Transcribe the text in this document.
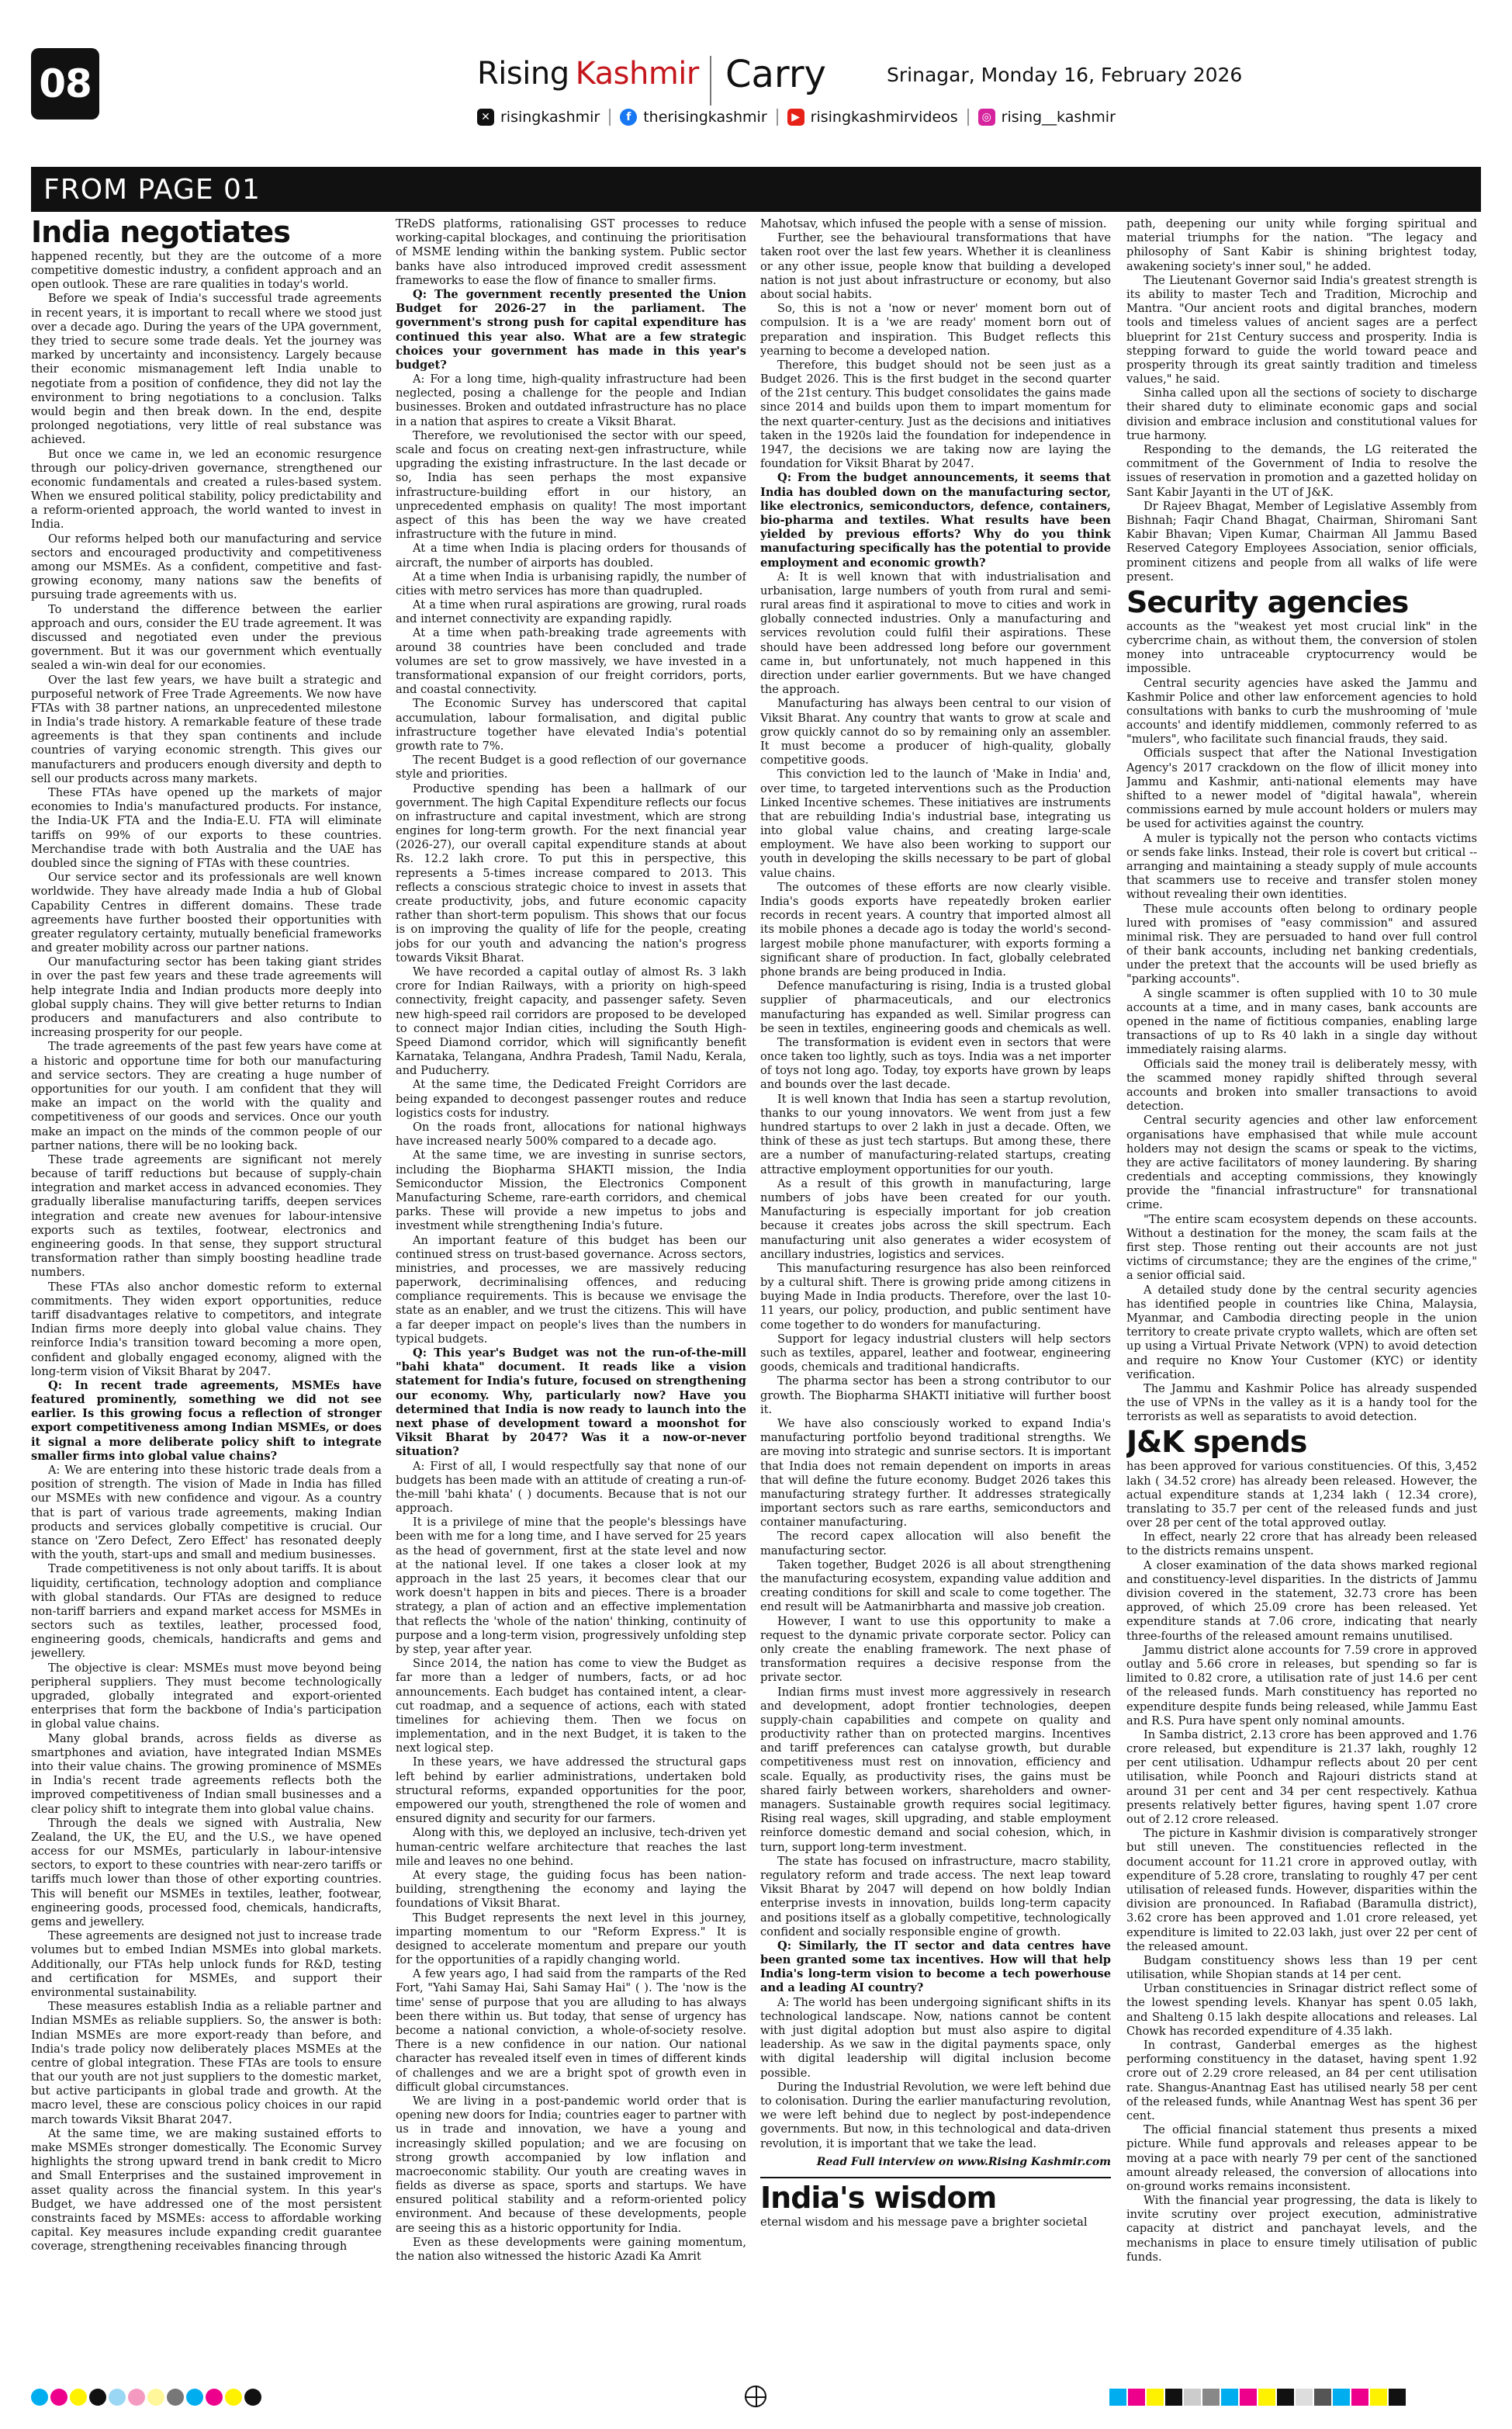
08	Rising Kashmir Carry	Srinagar, Monday 16, February 2026
✕ risingkashmir	f therisingkashmir	▶ risingkashmirvideos	◎ rising__kashmir
FROM PAGE 01
India negotiates

happened recently, but they are the outcome of a more competitive domestic industry, a confident approach and an open outlook. These are rare qualities in today's world.

Before we speak of India's successful trade agreements in recent years, it is important to recall where we stood just over a decade ago. During the years of the UPA government, they tried to secure some trade deals. Yet the journey was marked by uncertainty and inconsistency. Largely because their economic mismanagement left India unable to negotiate from a position of confidence, they did not lay the environment to bring negotiations to a conclusion. Talks would begin and then break down. In the end, despite prolonged negotiations, very little of real substance was achieved.

But once we came in, we led an economic resurgence through our policy-driven governance, strengthened our economic fundamentals and created a rules-based system. When we ensured political stability, policy predictability and a reform-oriented approach, the world wanted to invest in India.

Our reforms helped both our manufacturing and service sectors and encouraged productivity and competitiveness among our MSMEs. As a confident, competitive and fast-growing economy, many nations saw the benefits of pursuing trade agreements with us.

To understand the difference between the earlier approach and ours, consider the EU trade agreement. It was discussed and negotiated even under the previous government. But it was our government which eventually sealed a win-win deal for our economies.

Over the last few years, we have built a strategic and purposeful network of Free Trade Agreements. We now have FTAs with 38 partner nations, an unprecedented milestone in India's trade history. A remarkable feature of these trade agreements is that they span continents and include countries of varying economic strength. This gives our manufacturers and producers enough diversity and depth to sell our products across many markets.

These FTAs have opened up the markets of major economies to India's manufactured products. For instance, the India-UK FTA and the India-E.U. FTA will eliminate tariffs on 99% of our exports to these countries. Merchandise trade with both Australia and the UAE has doubled since the signing of FTAs with these countries.

Our service sector and its professionals are well known worldwide. They have already made India a hub of Global Capability Centres in different domains. These trade agreements have further boosted their opportunities with greater regulatory certainty, mutually beneficial frameworks and greater mobility across our partner nations.

Our manufacturing sector has been taking giant strides in over the past few years and these trade agreements will help integrate India and Indian products more deeply into global supply chains. They will give better returns to Indian producers and manufacturers and also contribute to increasing prosperity for our people.

The trade agreements of the past few years have come at a historic and opportune time for both our manufacturing and service sectors. They are creating a huge number of opportunities for our youth. I am confident that they will make an impact on the world with the quality and competitiveness of our goods and services. Once our youth make an impact on the minds of the common people of our partner nations, there will be no looking back.

These trade agreements are significant not merely because of tariff reductions but because of supply-chain integration and market access in advanced economies. They gradually liberalise manufacturing tariffs, deepen services integration and create new avenues for labour-intensive exports such as textiles, footwear, electronics and engineering goods. In that sense, they support structural transformation rather than simply boosting headline trade numbers.

These FTAs also anchor domestic reform to external commitments. They widen export opportunities, reduce tariff disadvantages relative to competitors, and integrate Indian firms more deeply into global value chains. They reinforce India's transition toward becoming a more open, confident and globally engaged economy, aligned with the long-term vision of Viksit Bharat by 2047.

Q: In recent trade agreements, MSMEs have featured prominently, something we did not see earlier. Is this growing focus a reflection of stronger export competitiveness among Indian MSMEs, or does it signal a more deliberate policy shift to integrate smaller firms into global value chains?

A: We are entering into these historic trade deals from a position of strength. The vision of Made in India has filled our MSMEs with new confidence and vigour. As a country that is part of various trade agreements, making Indian products and services globally competitive is crucial. Our stance on 'Zero Defect, Zero Effect' has resonated deeply with the youth, start-ups and small and medium businesses.

Trade competitiveness is not only about tariffs. It is about liquidity, certification, technology adoption and compliance with global standards. Our FTAs are designed to reduce non-tariff barriers and expand market access for MSMEs in sectors such as textiles, leather, processed food, engineering goods, chemicals, handicrafts and gems and jewellery.

The objective is clear: MSMEs must move beyond being peripheral suppliers. They must become technologically upgraded, globally integrated and export-oriented enterprises that form the backbone of India's participation in global value chains.

Many global brands, across fields as diverse as smartphones and aviation, have integrated Indian MSMEs into their value chains. The growing prominence of MSMEs in India's recent trade agreements reflects both the improved competitiveness of Indian small businesses and a clear policy shift to integrate them into global value chains.

Through the deals we signed with Australia, New Zealand, the UK, the EU, and the U.S., we have opened access for our MSMEs, particularly in labour-intensive sectors, to export to these countries with near-zero tariffs or tariffs much lower than those of other exporting countries. This will benefit our MSMEs in textiles, leather, footwear, engineering goods, processed food, chemicals, handicrafts, gems and jewellery.

These agreements are designed not just to increase trade volumes but to embed Indian MSMEs into global markets. Additionally, our FTAs help unlock funds for R&D, testing and certification for MSMEs, and support their environmental sustainability.

These measures establish India as a reliable partner and Indian MSMEs as reliable suppliers. So, the answer is both: Indian MSMEs are more export-ready than before, and India's trade policy now deliberately places MSMEs at the centre of global integration. These FTAs are tools to ensure that our youth are not just suppliers to the domestic market, but active participants in global trade and growth. At the macro level, these are conscious policy choices in our rapid march towards Viksit Bharat 2047.

At the same time, we are making sustained efforts to make MSMEs stronger domestically. The Economic Survey highlights the strong upward trend in bank credit to Micro and Small Enterprises and the sustained improvement in asset quality across the financial system. In this year's Budget, we have addressed one of the most persistent constraints faced by MSMEs: access to affordable working capital. Key measures include expanding credit guarantee coverage, strengthening receivables financing through

TReDS platforms, rationalising GST processes to reduce working-capital blockages, and continuing the prioritisation of MSME lending within the banking system. Public sector banks have also introduced improved credit assessment frameworks to ease the flow of finance to smaller firms.

Q: The government recently presented the Union Budget for 2026-27 in the parliament. The government's strong push for capital expenditure has continued this year also. What are a few strategic choices your government has made in this year's budget?

A: For a long time, high-quality infrastructure had been neglected, posing a challenge for the people and Indian businesses. Broken and outdated infrastructure has no place in a nation that aspires to create a Viksit Bharat.

Therefore, we revolutionised the sector with our speed, scale and focus on creating next-gen infrastructure, while upgrading the existing infrastructure. In the last decade or so, India has seen perhaps the most expansive infrastructure-building effort in our history, an unprecedented emphasis on quality! The most important aspect of this has been the way we have created infrastructure with the future in mind.

At a time when India is placing orders for thousands of aircraft, the number of airports has doubled.

At a time when India is urbanising rapidly, the number of cities with metro services has more than quadrupled.

At a time when rural aspirations are growing, rural roads and internet connectivity are expanding rapidly.

At a time when path-breaking trade agreements with around 38 countries have been concluded and trade volumes are set to grow massively, we have invested in a transformational expansion of our freight corridors, ports, and coastal connectivity.

The Economic Survey has underscored that capital accumulation, labour formalisation, and digital public infrastructure together have elevated India's potential growth rate to 7%.

The recent Budget is a good reflection of our governance style and priorities.

Productive spending has been a hallmark of our government. The high Capital Expenditure reflects our focus on infrastructure and capital investment, which are strong engines for long-term growth. For the next financial year (2026-27), our overall capital expenditure stands at about Rs. 12.2 lakh crore. To put this in perspective, this represents a 5-times increase compared to 2013. This reflects a conscious strategic choice to invest in assets that create productivity, jobs, and future economic capacity rather than short-term populism. This shows that our focus is on improving the quality of life for the people, creating jobs for our youth and advancing the nation's progress towards Viksit Bharat.

We have recorded a capital outlay of almost Rs. 3 lakh crore for Indian Railways, with a priority on high-speed connectivity, freight capacity, and passenger safety. Seven new high-speed rail corridors are proposed to be developed to connect major Indian cities, including the South High-Speed Diamond corridor, which will significantly benefit Karnataka, Telangana, Andhra Pradesh, Tamil Nadu, Kerala, and Puducherry.

At the same time, the Dedicated Freight Corridors are being expanded to decongest passenger routes and reduce logistics costs for industry.

On the roads front, allocations for national highways have increased nearly 500% compared to a decade ago.

At the same time, we are investing in sunrise sectors, including the Biopharma SHAKTI mission, the India Semiconductor Mission, the Electronics Component Manufacturing Scheme, rare-earth corridors, and chemical parks. These will provide a new impetus to jobs and investment while strengthening India's future.

An important feature of this budget has been our continued stress on trust-based governance. Across sectors, ministries, and processes, we are massively reducing paperwork, decriminalising offences, and reducing compliance requirements. This is because we envisage the state as an enabler, and we trust the citizens. This will have a far deeper impact on people's lives than the numbers in typical budgets.

Q: This year's Budget was not the run-of-the-mill "bahi khata" document. It reads like a vision statement for India's future, focused on strengthening our economy. Why, particularly now? Have you determined that India is now ready to launch into the next phase of development toward a moonshot for Viksit Bharat by 2047? Was it a now-or-never situation?

A: First of all, I would respectfully say that none of our budgets has been made with an attitude of creating a run-of-the-mill 'bahi khata' ( ) documents. Because that is not our approach.

It is a privilege of mine that the people's blessings have been with me for a long time, and I have served for 25 years as the head of government, first at the state level and now at the national level. If one takes a closer look at my approach in the last 25 years, it becomes clear that our work doesn't happen in bits and pieces. There is a broader strategy, a plan of action and an effective implementation that reflects the 'whole of the nation' thinking, continuity of purpose and a long-term vision, progressively unfolding step by step, year after year.

Since 2014, the nation has come to view the Budget as far more than a ledger of numbers, facts, or ad hoc announcements. Each budget has contained intent, a clear-cut roadmap, and a sequence of actions, each with stated timelines for achieving them. Then we focus on implementation, and in the next Budget, it is taken to the next logical step.

In these years, we have addressed the structural gaps left behind by earlier administrations, undertaken bold structural reforms, expanded opportunities for the poor, empowered our youth, strengthened the role of women and ensured dignity and security for our farmers.

Along with this, we deployed an inclusive, tech-driven yet human-centric welfare architecture that reaches the last mile and leaves no one behind.

At every stage, the guiding focus has been nation-building, strengthening the economy and laying the foundations of Viksit Bharat.

This Budget represents the next level in this journey, imparting momentum to our "Reform Express." It is designed to accelerate momentum and prepare our youth for the opportunities of a rapidly changing world.

A few years ago, I had said from the ramparts of the Red Fort, "Yahi Samay Hai, Sahi Samay Hai" ( ). The 'now is the time' sense of purpose that you are alluding to has always been there within us. But today, that sense of urgency has become a national conviction, a whole-of-society resolve. There is a new confidence in our nation. Our national character has revealed itself even in times of different kinds of challenges and we are a bright spot of growth even in difficult global circumstances.

We are living in a post-pandemic world order that is opening new doors for India; countries eager to partner with us in trade and innovation, we have a young and increasingly skilled population; and we are focusing on strong growth accompanied by low inflation and macroeconomic stability. Our youth are creating waves in fields as diverse as space, sports and startups. We have ensured political stability and a reform-oriented policy environment. And because of these developments, people are seeing this as a historic opportunity for India.

Even as these developments were gaining momentum, the nation also witnessed the historic Azadi Ka Amrit

Mahotsav, which infused the people with a sense of mission.

Further, see the behavioural transformations that have taken root over the last few years. Whether it is cleanliness or any other issue, people know that building a developed nation is not just about infrastructure or economy, but also about social habits.

So, this is not a 'now or never' moment born out of compulsion. It is a 'we are ready' moment born out of preparation and inspiration. This Budget reflects this yearning to become a developed nation.

Therefore, this budget should not be seen just as a Budget 2026. This is the first budget in the second quarter of the 21st century. This budget consolidates the gains made since 2014 and builds upon them to impart momentum for the next quarter-century. Just as the decisions and initiatives taken in the 1920s laid the foundation for independence in 1947, the decisions we are taking now are laying the foundation for Viksit Bharat by 2047.

Q: From the budget announcements, it seems that India has doubled down on the manufacturing sector, like electronics, semiconductors, defence, containers, bio-pharma and textiles. What results have been yielded by previous efforts? Why do you think manufacturing specifically has the potential to provide employment and economic growth?

A: It is well known that with industrialisation and urbanisation, large numbers of youth from rural and semi-rural areas find it aspirational to move to cities and work in globally connected industries. Only a manufacturing and services revolution could fulfil their aspirations. These should have been addressed long before our government came in, but unfortunately, not much happened in this direction under earlier governments. But we have changed the approach.

Manufacturing has always been central to our vision of Viksit Bharat. Any country that wants to grow at scale and grow quickly cannot do so by remaining only an assembler. It must become a producer of high-quality, globally competitive goods.

This conviction led to the launch of 'Make in India' and, over time, to targeted interventions such as the Production Linked Incentive schemes. These initiatives are instruments that are rebuilding India's industrial base, integrating us into global value chains, and creating large-scale employment. We have also been working to support our youth in developing the skills necessary to be part of global value chains.

The outcomes of these efforts are now clearly visible. India's goods exports have repeatedly broken earlier records in recent years. A country that imported almost all its mobile phones a decade ago is today the world's second-largest mobile phone manufacturer, with exports forming a significant share of production. In fact, globally celebrated phone brands are being produced in India.

Defence manufacturing is rising, India is a trusted global supplier of pharmaceuticals, and our electronics manufacturing has expanded as well. Similar progress can be seen in textiles, engineering goods and chemicals as well.

The transformation is evident even in sectors that were once taken too lightly, such as toys. India was a net importer of toys not long ago. Today, toy exports have grown by leaps and bounds over the last decade.

It is well known that India has seen a startup revolution, thanks to our young innovators. We went from just a few hundred startups to over 2 lakh in just a decade. Often, we think of these as just tech startups. But among these, there are a number of manufacturing-related startups, creating attractive employment opportunities for our youth.

As a result of this growth in manufacturing, large numbers of jobs have been created for our youth. Manufacturing is especially important for job creation because it creates jobs across the skill spectrum. Each manufacturing unit also generates a wider ecosystem of ancillary industries, logistics and services.

This manufacturing resurgence has also been reinforced by a cultural shift. There is growing pride among citizens in buying Made in India products. Therefore, over the last 10-11 years, our policy, production, and public sentiment have come together to do wonders for manufacturing.

Support for legacy industrial clusters will help sectors such as textiles, apparel, leather and footwear, engineering goods, chemicals and traditional handicrafts.

The pharma sector has been a strong contributor to our growth. The Biopharma SHAKTI initiative will further boost it.

We have also consciously worked to expand India's manufacturing portfolio beyond traditional strengths. We are moving into strategic and sunrise sectors. It is important that India does not remain dependent on imports in areas that will define the future economy. Budget 2026 takes this manufacturing strategy further. It addresses strategically important sectors such as rare earths, semiconductors and container manufacturing.

The record capex allocation will also benefit the manufacturing sector.

Taken together, Budget 2026 is all about strengthening the manufacturing ecosystem, expanding value addition and creating conditions for skill and scale to come together. The end result will be Aatmanirbharta and massive job creation.

However, I want to use this opportunity to make a request to the dynamic private corporate sector. Policy can only create the enabling framework. The next phase of transformation requires a decisive response from the private sector.

Indian firms must invest more aggressively in research and development, adopt frontier technologies, deepen supply-chain capabilities and compete on quality and productivity rather than on protected margins. Incentives and tariff preferences can catalyse growth, but durable competitiveness must rest on innovation, efficiency and scale. Equally, as productivity rises, the gains must be shared fairly between workers, shareholders and owner-managers. Sustainable growth requires social legitimacy. Rising real wages, skill upgrading, and stable employment reinforce domestic demand and social cohesion, which, in turn, support long-term investment.

The state has focused on infrastructure, macro stability, regulatory reform and trade access. The next leap toward Viksit Bharat by 2047 will depend on how boldly Indian enterprise invests in innovation, builds long-term capacity and positions itself as a globally competitive, technologically confident and socially responsible engine of growth.

Q: Similarly, the IT sector and data centres have been granted some tax incentives. How will that help India's long-term vision to become a tech powerhouse and a leading AI country?

A: The world has been undergoing significant shifts in its technological landscape. Now, nations cannot be content with just digital adoption but must also aspire to digital leadership. As we saw in the digital payments space, only with digital leadership will digital inclusion become possible.

During the Industrial Revolution, we were left behind due to colonisation. During the earlier manufacturing revolution, we were left behind due to neglect by post-independence governments. But now, in this technological and data-driven revolution, it is important that we take the lead.

Read Full interview on www.Rising Kashmir.com
India's wisdom

eternal wisdom and his message pave a brighter societal

path, deepening our unity while forging spiritual and material triumphs for the nation. "The legacy and philosophy of Sant Kabir is shining brightest today, awakening society's inner soul," he added.

The Lieutenant Governor said India's greatest strength is its ability to master Tech and Tradition, Microchip and Mantra. "Our ancient roots and digital branches, modern tools and timeless values of ancient sages are a perfect blueprint for 21st Century success and prosperity. India is stepping forward to guide the world toward peace and prosperity through its great saintly tradition and timeless values," he said.

Sinha called upon all the sections of society to discharge their shared duty to eliminate economic gaps and social division and embrace inclusion and constitutional values for true harmony.

Responding to the demands, the LG reiterated the commitment of the Government of India to resolve the issues of reservation in promotion and a gazetted holiday on Sant Kabir Jayanti in the UT of J&K.

Dr Rajeev Bhagat, Member of Legislative Assembly from Bishnah; Faqir Chand Bhagat, Chairman, Shiromani Sant Kabir Bhavan; Vipen Kumar, Chairman All Jammu Based Reserved Category Employees Association, senior officials, prominent citizens and people from all walks of life were present.

Security agencies

accounts as the "weakest yet most crucial link" in the cybercrime chain, as without them, the conversion of stolen money into untraceable cryptocurrency would be impossible.

Central security agencies have asked the Jammu and Kashmir Police and other law enforcement agencies to hold consultations with banks to curb the mushrooming of 'mule accounts' and identify middlemen, commonly referred to as "mulers", who facilitate such financial frauds, they said.

Officials suspect that after the National Investigation Agency's 2017 crackdown on the flow of illicit money into Jammu and Kashmir, anti-national elements may have shifted to a newer model of "digital hawala", wherein commissions earned by mule account holders or mulers may be used for activities against the country.

A muler is typically not the person who contacts victims or sends fake links. Instead, their role is covert but critical -- arranging and maintaining a steady supply of mule accounts that scammers use to receive and transfer stolen money without revealing their own identities.

These mule accounts often belong to ordinary people lured with promises of "easy commission" and assured minimal risk. They are persuaded to hand over full control of their bank accounts, including net banking credentials, under the pretext that the accounts will be used briefly as "parking accounts".

A single scammer is often supplied with 10 to 30 mule accounts at a time, and in many cases, bank accounts are opened in the name of fictitious companies, enabling large transactions of up to Rs 40 lakh in a single day without immediately raising alarms.

Officials said the money trail is deliberately messy, with the scammed money rapidly shifted through several accounts and broken into smaller transactions to avoid detection.

Central security agencies and other law enforcement organisations have emphasised that while mule account holders may not design the scams or speak to the victims, they are active facilitators of money laundering. By sharing credentials and accepting commissions, they knowingly provide the "financial infrastructure" for transnational crime.

"The entire scam ecosystem depends on these accounts. Without a destination for the money, the scam fails at the first step. Those renting out their accounts are not just victims of circumstance; they are the engines of the crime," a senior official said.

A detailed study done by the central security agencies has identified people in countries like China, Malaysia, Myanmar, and Cambodia directing people in the union territory to create private crypto wallets, which are often set up using a Virtual Private Network (VPN) to avoid detection and require no Know Your Customer (KYC) or identity verification.

The Jammu and Kashmir Police has already suspended the use of VPNs in the valley as it is a handy tool for the terrorists as well as separatists to avoid detection.

J&K spends

has been approved for various constituencies. Of this, 3,452 lakh ( 34.52 crore) has already been released. However, the actual expenditure stands at 1,234 lakh ( 12.34 crore), translating to 35.7 per cent of the released funds and just over 28 per cent of the total approved outlay.

In effect, nearly 22 crore that has already been released to the districts remains unspent.

A closer examination of the data shows marked regional and constituency-level disparities. In the districts of Jammu division covered in the statement, 32.73 crore has been approved, of which 25.09 crore has been released. Yet expenditure stands at 7.06 crore, indicating that nearly three-fourths of the released amount remains unutilised.

Jammu district alone accounts for 7.59 crore in approved outlay and 5.66 crore in releases, but spending so far is limited to 0.82 crore, a utilisation rate of just 14.6 per cent of the released funds. Marh constituency has reported no expenditure despite funds being released, while Jammu East and R.S. Pura have spent only nominal amounts.

In Samba district, 2.13 crore has been approved and 1.76 crore released, but expenditure is 21.37 lakh, roughly 12 per cent utilisation. Udhampur reflects about 20 per cent utilisation, while Poonch and Rajouri districts stand at around 31 per cent and 34 per cent respectively. Kathua presents relatively better figures, having spent 1.07 crore out of 2.12 crore released.

The picture in Kashmir division is comparatively stronger but still uneven. The constituencies reflected in the document account for 11.21 crore in approved outlay, with expenditure of 5.28 crore, translating to roughly 47 per cent utilisation of released funds. However, disparities within the division are pronounced. In Rafiabad (Baramulla district), 3.62 crore has been approved and 1.01 crore released, yet expenditure is limited to 22.03 lakh, just over 22 per cent of the released amount.

Budgam constituency shows less than 19 per cent utilisation, while Shopian stands at 14 per cent.

Urban constituencies in Srinagar district reflect some of the lowest spending levels. Khanyar has spent 0.05 lakh, and Shalteng 0.15 lakh despite allocations and releases. Lal Chowk has recorded expenditure of 4.35 lakh.

In contrast, Ganderbal emerges as the highest performing constituency in the dataset, having spent 1.92 crore out of 2.29 crore released, an 84 per cent utilisation rate. Shangus-Anantnag East has utilised nearly 58 per cent of the released funds, while Anantnag West has spent 36 per cent.

The official financial statement thus presents a mixed picture. While fund approvals and releases appear to be moving at a pace with nearly 79 per cent of the sanctioned amount already released, the conversion of allocations into on-ground works remains inconsistent.

With the financial year progressing, the data is likely to invite scrutiny over project execution, administrative capacity at district and panchayat levels, and the mechanisms in place to ensure timely utilisation of public funds.
